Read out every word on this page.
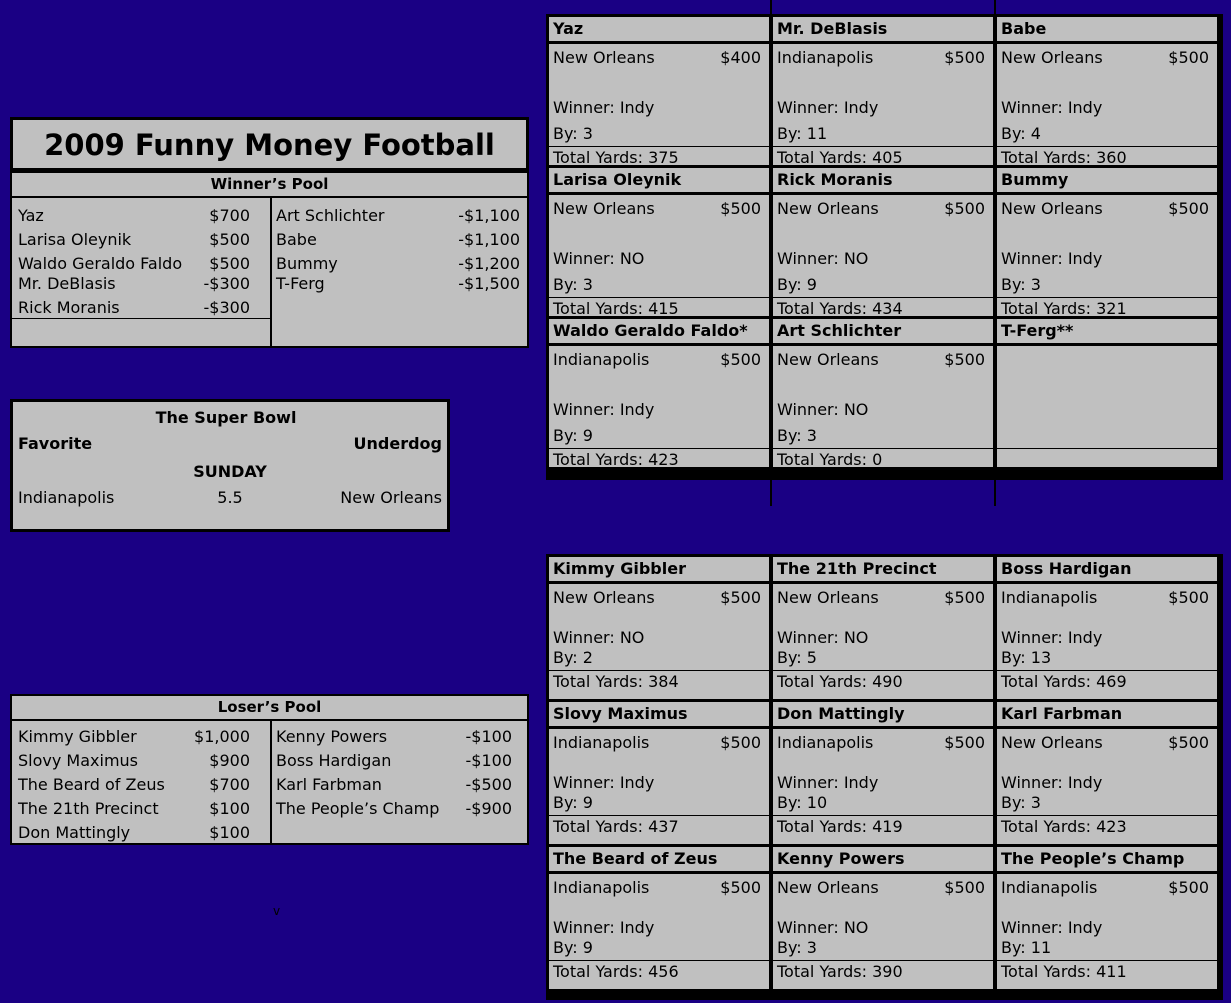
2009 Funny Money Football
Winner’s Pool
Yaz	$700
Larisa Oleynik	$500
Waldo Geraldo Faldo	$500
Mr. DeBlasis	-$300
Rick Moranis	-$300
Art Schlichter	-$1,100
Babe	-$1,100
Bummy	-$1,200
T-Ferg	-$1,500
The Super Bowl
Favorite	Underdog
SUNDAY
Indianapolis	5.5	New Orleans
Loser’s Pool
Kimmy Gibbler	$1,000
Slovy Maximus	$900
The Beard of Zeus	$700
The 21th Precinct	$100
Don Mattingly	$100
Kenny Powers	-$100
Boss Hardigan	-$100
Karl Farbman	-$500
The People’s Champ	-$900
v
Yaz
New Orleans	$400
Winner: Indy
By: 3
Total Yards: 375
Mr. DeBlasis
Indianapolis	$500
Winner: Indy
By: 11
Total Yards: 405
Babe
New Orleans	$500
Winner: Indy
By: 4
Total Yards: 360
Larisa Oleynik
New Orleans	$500
Winner: NO
By: 3
Total Yards: 415
Rick Moranis
New Orleans	$500
Winner: NO
By: 9
Total Yards: 434
Bummy
New Orleans	$500
Winner: Indy
By: 3
Total Yards: 321
Waldo Geraldo Faldo*
Indianapolis	$500
Winner: Indy
By: 9
Total Yards: 423
Art Schlichter
New Orleans	$500
Winner: NO
By: 3
Total Yards: 0
T-Ferg**
Kimmy Gibbler
New Orleans	$500
Winner: NO
By: 2
Total Yards: 384
The 21th Precinct
New Orleans	$500
Winner: NO
By: 5
Total Yards: 490
Boss Hardigan
Indianapolis	$500
Winner: Indy
By: 13
Total Yards: 469
Slovy Maximus
Indianapolis	$500
Winner: Indy
By: 9
Total Yards: 437
Don Mattingly
Indianapolis	$500
Winner: Indy
By: 10
Total Yards: 419
Karl Farbman
New Orleans	$500
Winner: Indy
By: 3
Total Yards: 423
The Beard of Zeus
Indianapolis	$500
Winner: Indy
By: 9
Total Yards: 456
Kenny Powers
New Orleans	$500
Winner: NO
By: 3
Total Yards: 390
The People’s Champ
Indianapolis	$500
Winner: Indy
By: 11
Total Yards: 411
